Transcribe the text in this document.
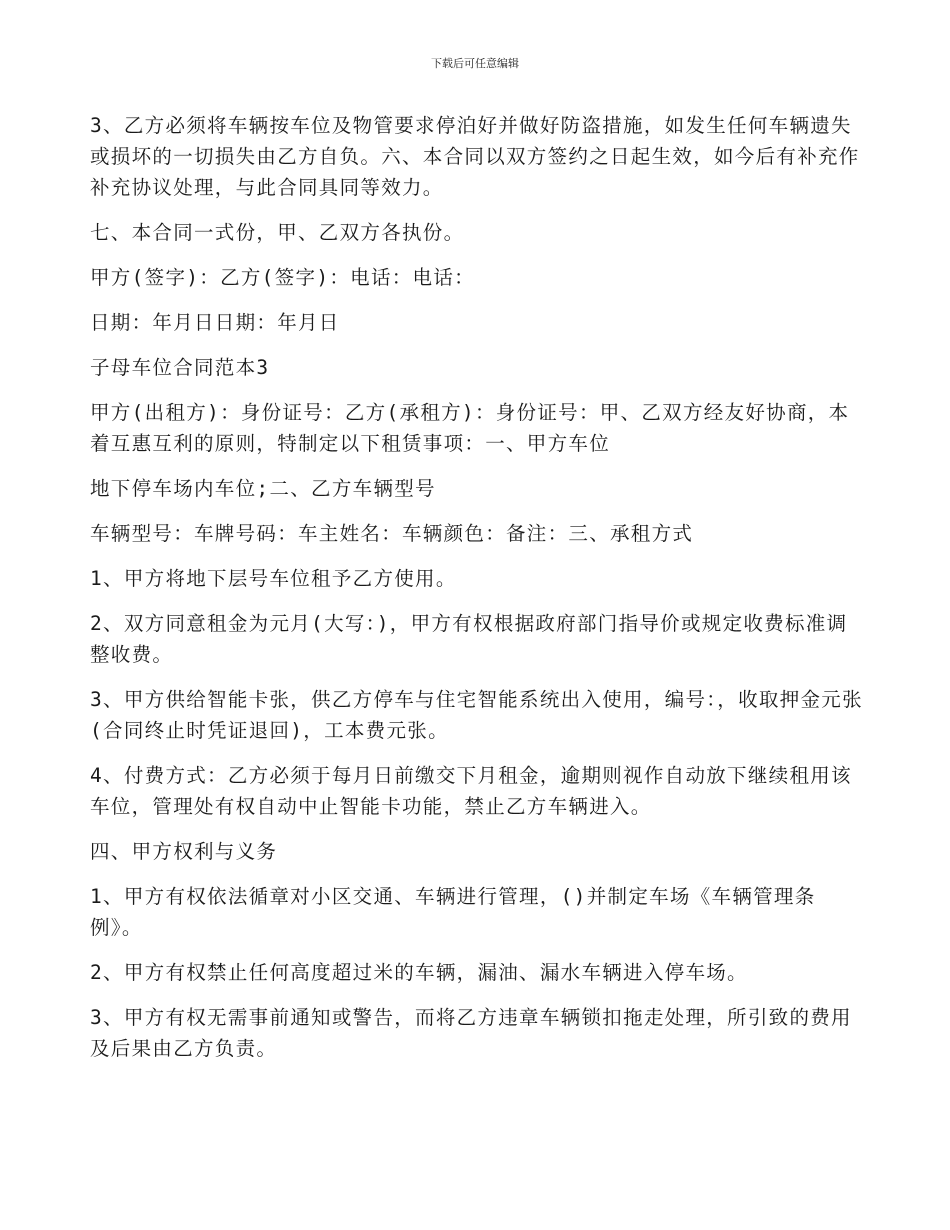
下载后可任意编辑

3、乙方必须将车辆按车位及物管要求停泊好并做好防盗措施，如发生任何车辆遗失或损坏的一切损失由乙方自负。六、本合同以双方签约之日起生效，如今后有补充作补充协议处理，与此合同具同等效力。

七、本合同一式份，甲、乙双方各执份。

甲方(签字)：乙方(签字)：电话：电话：

日期：年月日日期：年月日

子母车位合同范本3

甲方(出租方)：身份证号：乙方(承租方)：身份证号：甲、乙双方经友好协商，本着互惠互利的原则，特制定以下租赁事项：一、甲方车位

地下停车场内车位;二、乙方车辆型号

车辆型号：车牌号码：车主姓名：车辆颜色：备注：三、承租方式

1、甲方将地下层号车位租予乙方使用。

2、双方同意租金为元月(大写：)，甲方有权根据政府部门指导价或规定收费标准调整收费。

3、甲方供给智能卡张，供乙方停车与住宅智能系统出入使用，编号：，收取押金元张(合同终止时凭证退回)，工本费元张。

4、付费方式：乙方必须于每月日前缴交下月租金，逾期则视作自动放下继续租用该车位，管理处有权自动中止智能卡功能，禁止乙方车辆进入。

四、甲方权利与义务

1、甲方有权依法循章对小区交通、车辆进行管理，()并制定车场《车辆管理条例》。

2、甲方有权禁止任何高度超过米的车辆，漏油、漏水车辆进入停车场。

3、甲方有权无需事前通知或警告，而将乙方违章车辆锁扣拖走处理，所引致的费用及后果由乙方负责。
